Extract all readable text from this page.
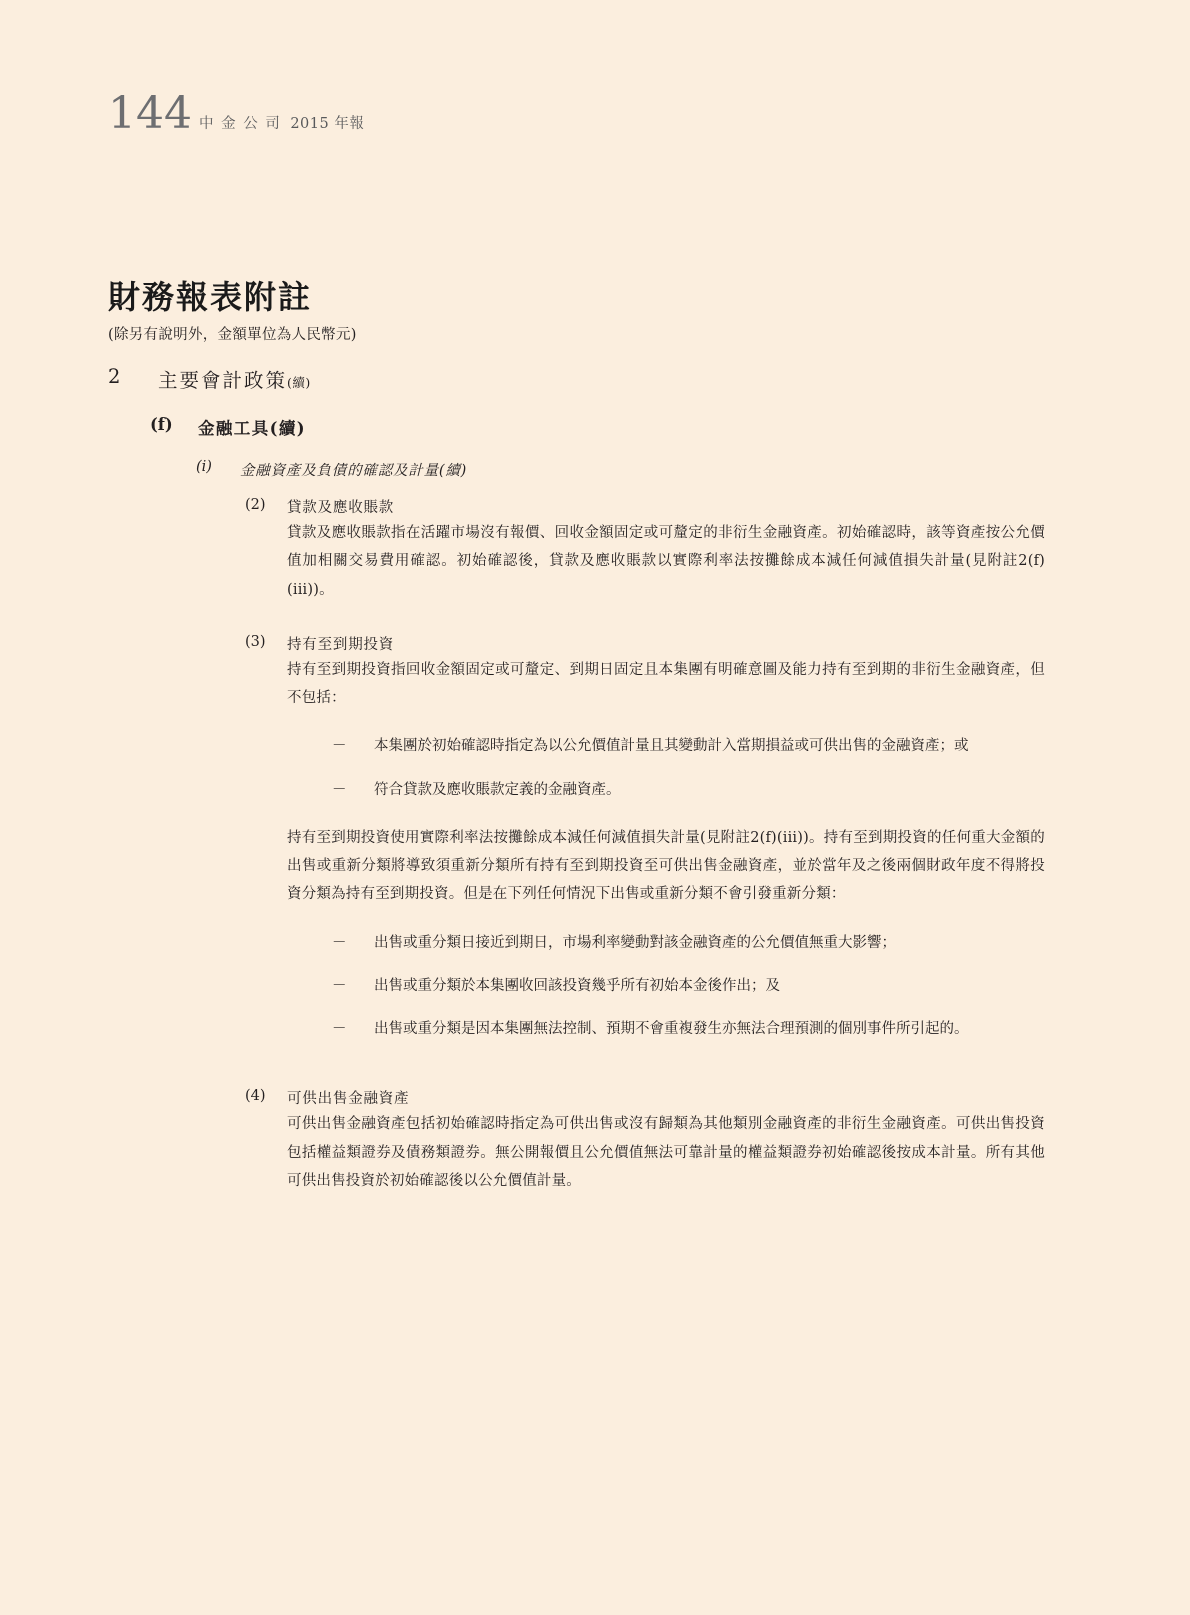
144 中 金 公 司 2015 年報
財務報表附註
(除另有說明外，金額單位為人民幣元)
2	主要會計政策(續)
(f)	金融工具(續)
(i)	金融資產及負債的確認及計量(續)
(2)	貸款及應收賬款
貸款及應收賬款指在活躍市場沒有報價、回收金額固定或可釐定的非衍生金融資產。初始確認時，該等資產按公允價值加相關交易費用確認。初始確認後，貸款及應收賬款以實際利率法按攤餘成本減任何減值損失計量(見附註2(f)(iii))。
(3)	持有至到期投資
持有至到期投資指回收金額固定或可釐定、到期日固定且本集團有明確意圖及能力持有至到期的非衍生金融資產，但不包括：
－	本集團於初始確認時指定為以公允價值計量且其變動計入當期損益或可供出售的金融資產；或
－	符合貸款及應收賬款定義的金融資產。
持有至到期投資使用實際利率法按攤餘成本減任何減值損失計量(見附註2(f)(iii))。持有至到期投資的任何重大金額的出售或重新分類將導致須重新分類所有持有至到期投資至可供出售金融資產，並於當年及之後兩個財政年度不得將投資分類為持有至到期投資。但是在下列任何情況下出售或重新分類不會引發重新分類：
－	出售或重分類日接近到期日，市場利率變動對該金融資產的公允價值無重大影響；
－	出售或重分類於本集團收回該投資幾乎所有初始本金後作出；及
－	出售或重分類是因本集團無法控制、預期不會重複發生亦無法合理預測的個別事件所引起的。
(4)	可供出售金融資產
可供出售金融資產包括初始確認時指定為可供出售或沒有歸類為其他類別金融資產的非衍生金融資產。可供出售投資包括權益類證券及債務類證券。無公開報價且公允價值無法可靠計量的權益類證券初始確認後按成本計量。所有其他可供出售投資於初始確認後以公允價值計量。
